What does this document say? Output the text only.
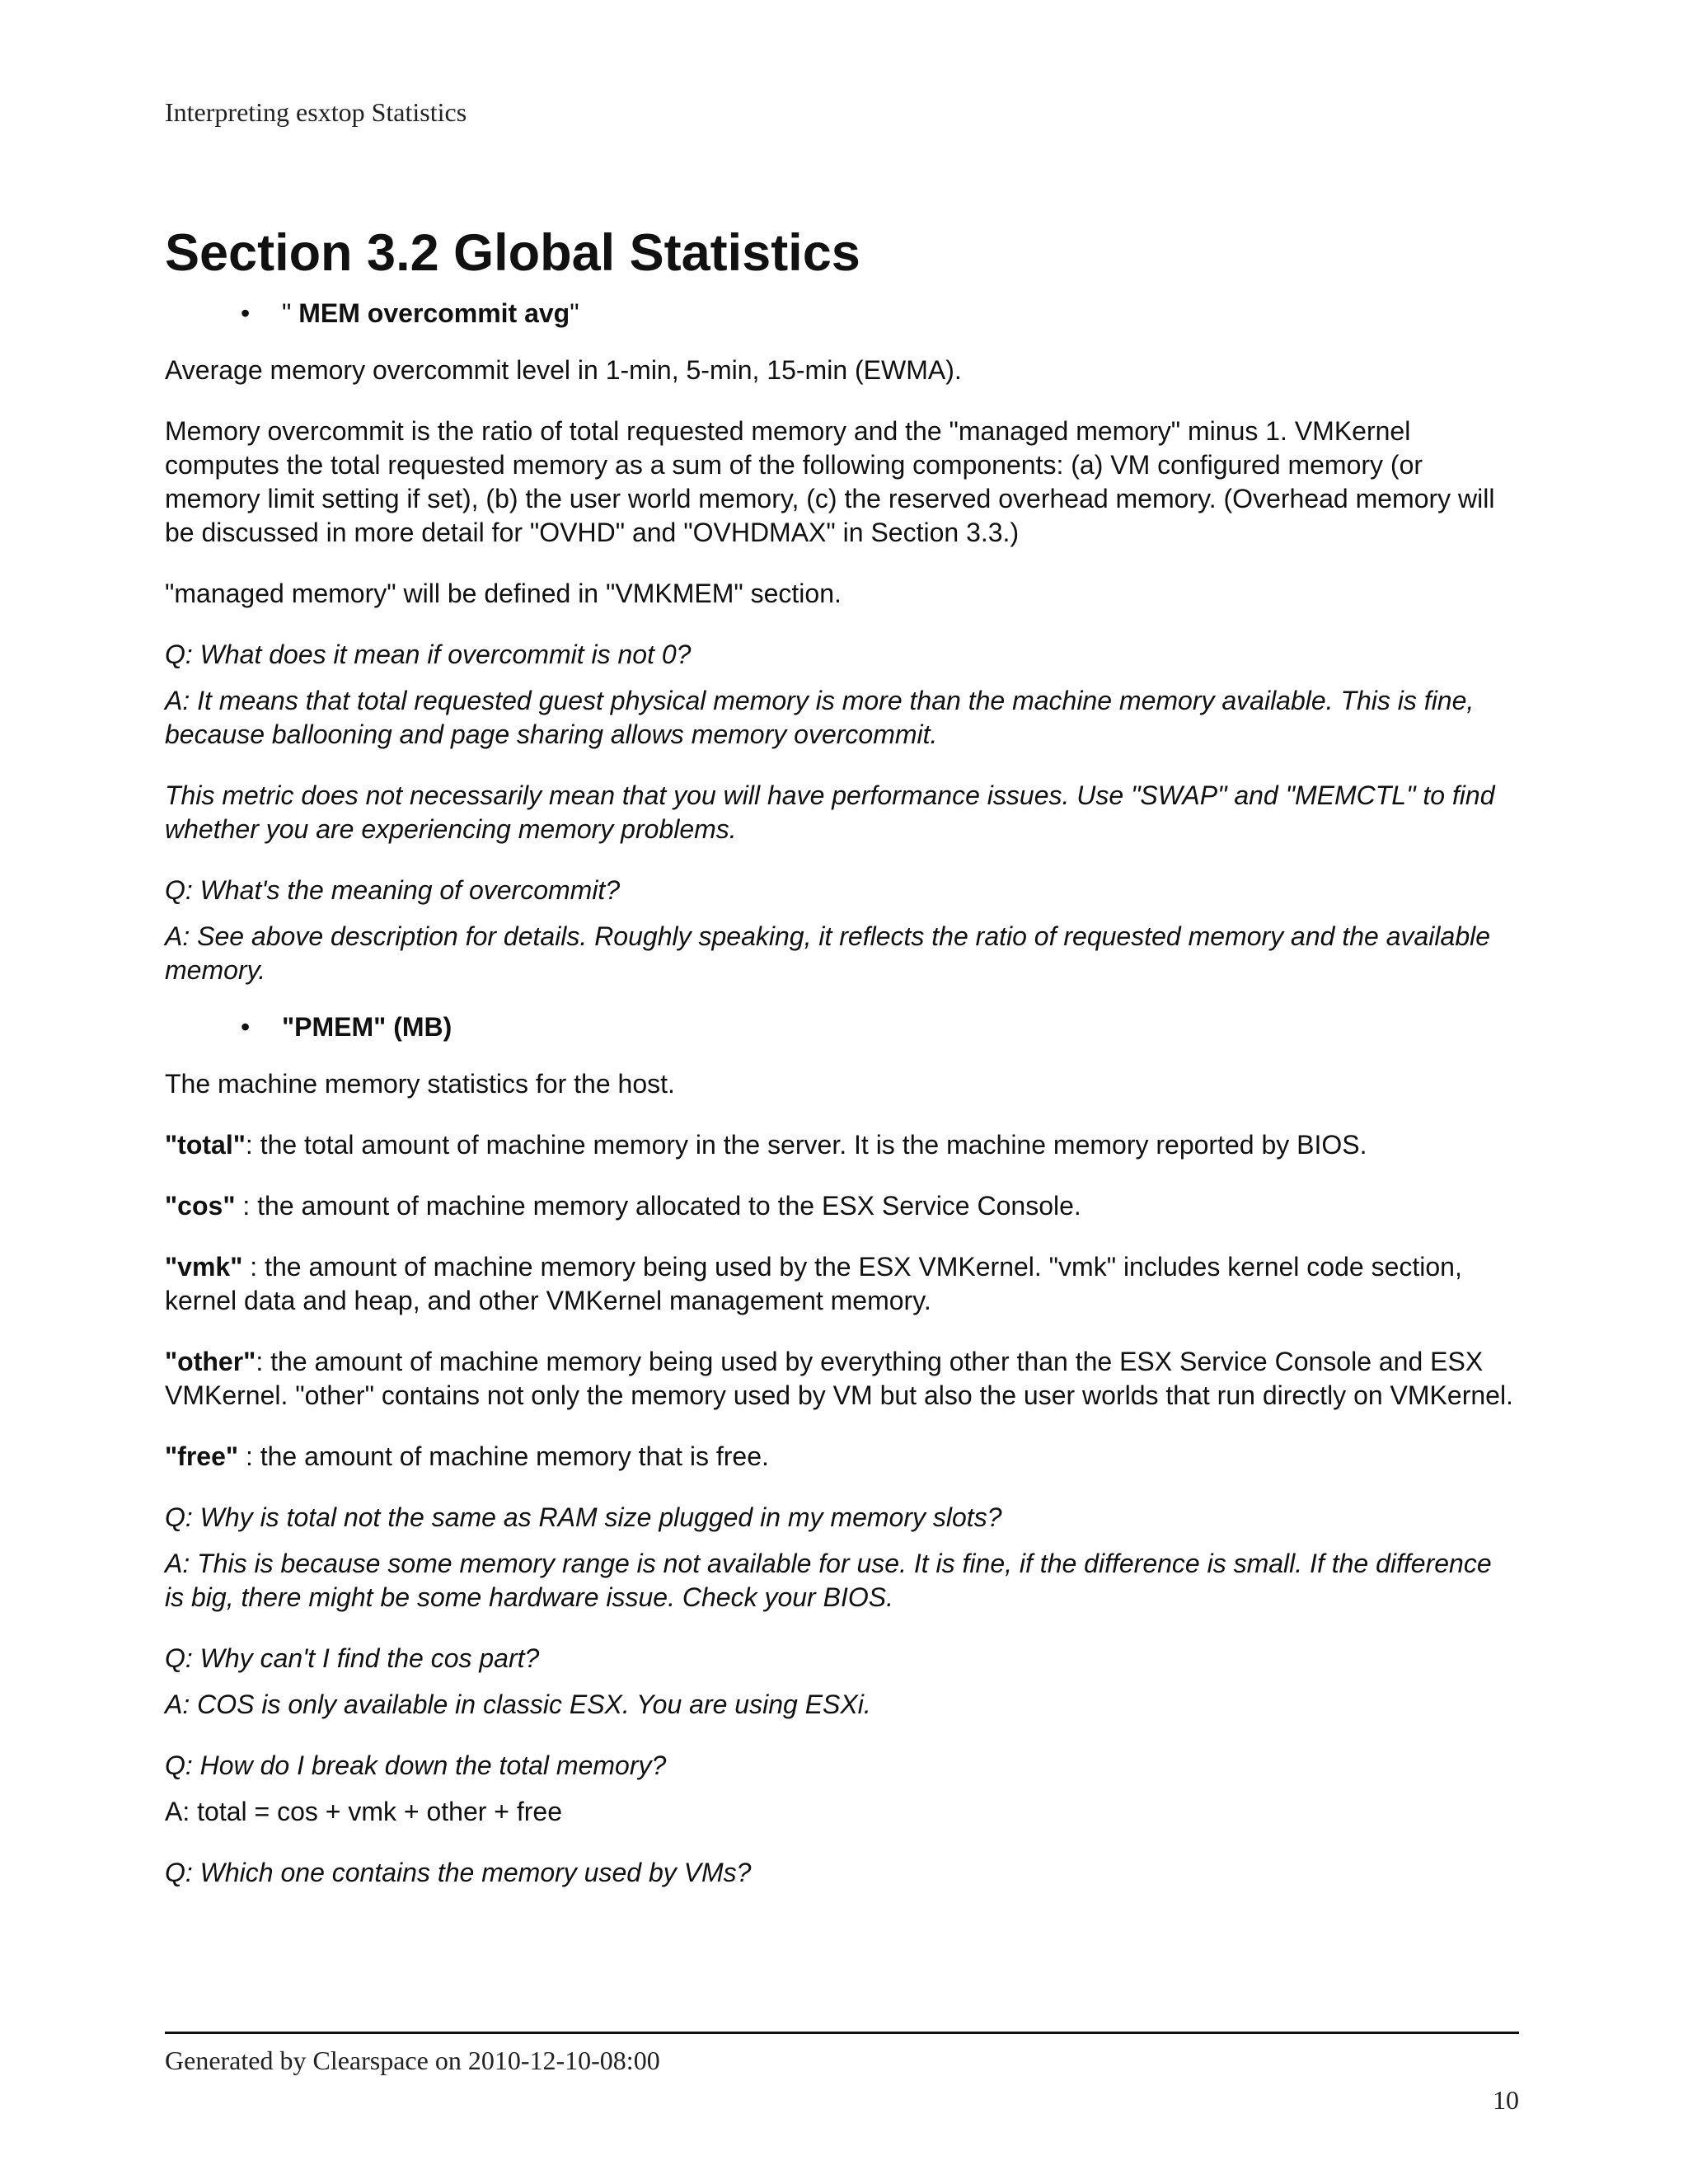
Interpreting esxtop Statistics
Section 3.2 Global Statistics
•	" MEM overcommit avg"

Average memory overcommit level in 1-min, 5-min, 15-min (EWMA).

Memory overcommit is the ratio of total requested memory and the "managed memory" minus 1. VMKernel computes the total requested memory as a sum of the following components: (a) VM configured memory (or memory limit setting if set), (b) the user world memory, (c) the reserved overhead memory. (Overhead memory will be discussed in more detail for "OVHD" and "OVHDMAX" in Section 3.3.)

"managed memory" will be defined in "VMKMEM" section.

Q: What does it mean if overcommit is not 0?

A: It means that total requested guest physical memory is more than the machine memory available. This is fine, because ballooning and page sharing allows memory overcommit.

This metric does not necessarily mean that you will have performance issues. Use "SWAP" and "MEMCTL" to find whether you are experiencing memory problems.

Q: What's the meaning of overcommit?

A: See above description for details. Roughly speaking, it reflects the ratio of requested memory and the available memory.

•	"PMEM" (MB)

The machine memory statistics for the host.

"total": the total amount of machine memory in the server. It is the machine memory reported by BIOS.

"cos" : the amount of machine memory allocated to the ESX Service Console.

"vmk" : the amount of machine memory being used by the ESX VMKernel. "vmk" includes kernel code section, kernel data and heap, and other VMKernel management memory.

"other": the amount of machine memory being used by everything other than the ESX Service Console and ESX VMKernel. "other" contains not only the memory used by VM but also the user worlds that run directly on VMKernel.

"free" : the amount of machine memory that is free.

Q: Why is total not the same as RAM size plugged in my memory slots?

A: This is because some memory range is not available for use. It is fine, if the difference is small. If the difference is big, there might be some hardware issue. Check your BIOS.

Q: Why can't I find the cos part?

A: COS is only available in classic ESX. You are using ESXi.

Q: How do I break down the total memory?

A: total = cos + vmk + other + free

Q: Which one contains the memory used by VMs?

Generated by Clearspace on 2010-12-10-08:00
10
